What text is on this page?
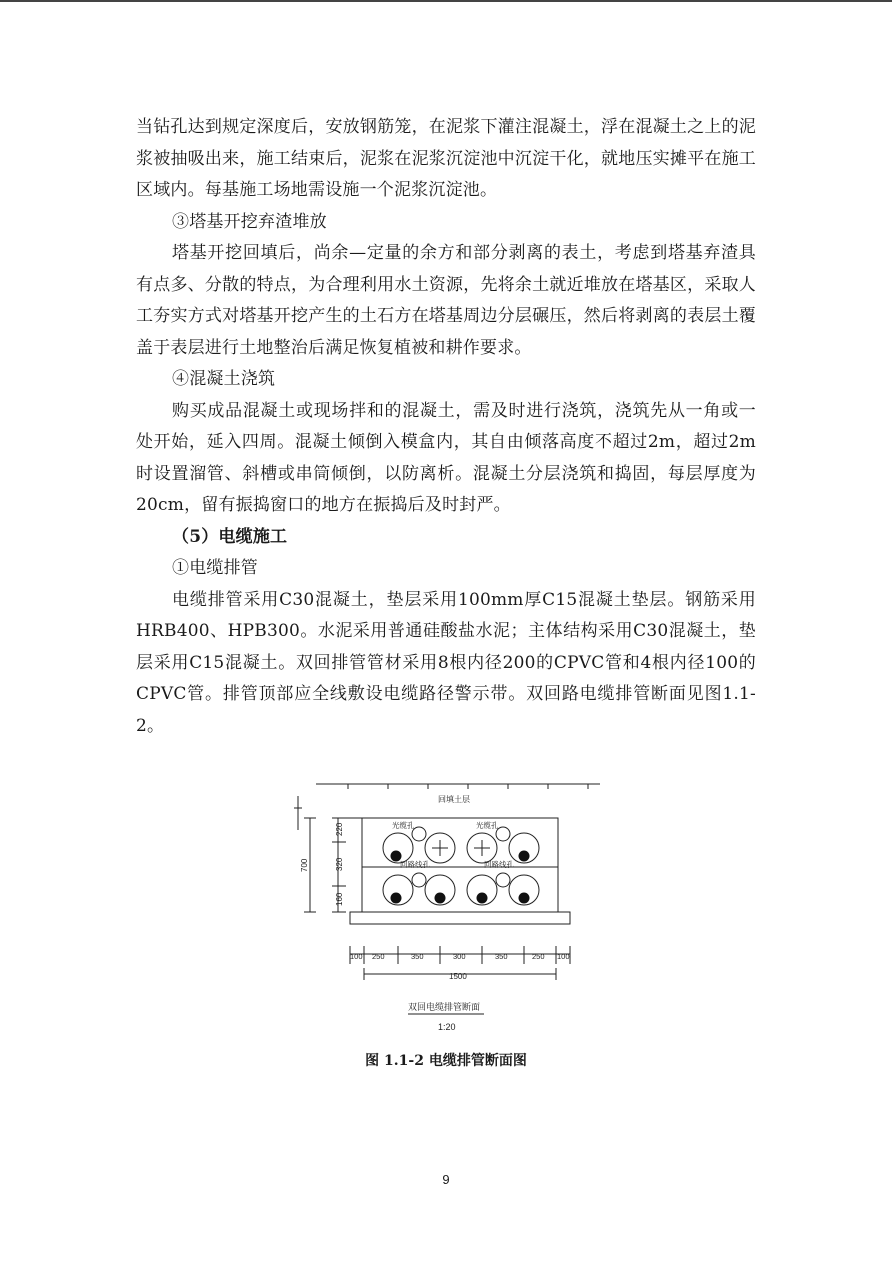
当钻孔达到规定深度后，安放钢筋笼，在泥浆下灌注混凝土，浮在混凝土之上的泥浆被抽吸出来，施工结束后，泥浆在泥浆沉淀池中沉淀干化，就地压实摊平在施工区域内。每基施工场地需设施一个泥浆沉淀池。

③塔基开挖弃渣堆放

塔基开挖回填后，尚余—定量的余方和部分剥离的表土，考虑到塔基弃渣具有点多、分散的特点，为合理利用水土资源，先将余土就近堆放在塔基区，采取人工夯实方式对塔基开挖产生的土石方在塔基周边分层碾压，然后将剥离的表层土覆盖于表层进行土地整治后满足恢复植被和耕作要求。

④混凝土浇筑

购买成品混凝土或现场拌和的混凝土，需及时进行浇筑，浇筑先从一角或一处开始，延入四周。混凝土倾倒入模盒内，其自由倾落高度不超过2m，超过2m时设置溜管、斜槽或串筒倾倒，以防离析。混凝土分层浇筑和捣固，每层厚度为20cm，留有振捣窗口的地方在振捣后及时封严。

（5）电缆施工

①电缆排管

电缆排管采用C30混凝土，垫层采用100mm厚C15混凝土垫层。钢筋采用HRB400、HPB300。水泥采用普通硅酸盐水泥；主体结构采用C30混凝土，垫层采用C15混凝土。双回排管管材采用8根内径200的CPVC管和4根内径100的CPVC管。排管顶部应全线敷设电缆路径警示带。双回路电缆排管断面见图1.1-2。

回填土层
220
320
160
700
光缆孔	光缆孔
回路线孔	回路线孔
100 250	350	300	350	250 100
1500
双回电缆排管断面
1:20
图 1.1-2 电缆排管断面图
9
